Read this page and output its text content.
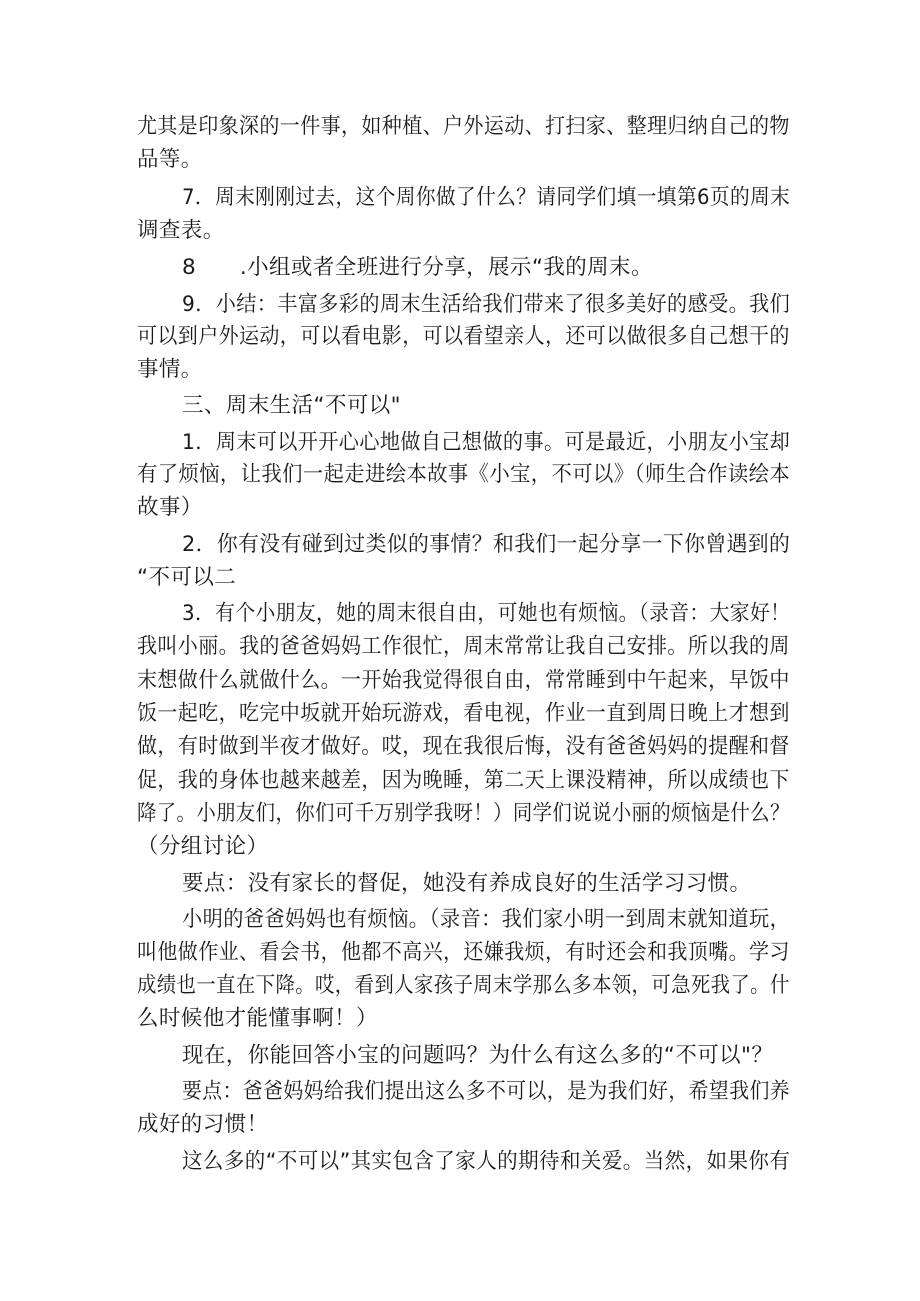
尤其是印象深的一件事，如种植、户外运动、打扫家、整理归纳自己的物
品等。
7．周末刚刚过去，这个周你做了什么？请同学们填一填第6页的周末
调查表。
8　　.小组或者全班进行分享，展示“我的周末。
9．小结：丰富多彩的周末生活给我们带来了很多美好的感受。我们
可以到户外运动，可以看电影，可以看望亲人，还可以做很多自己想干的
事情。
三、周末生活“不可以"
1．周末可以开开心心地做自己想做的事。可是最近，小朋友小宝却
有了烦恼，让我们一起走进绘本故事《小宝，不可以》（师生合作读绘本
故事）
2．你有没有碰到过类似的事情？和我们一起分享一下你曾遇到的
“不可以二
3．有个小朋友，她的周末很自由，可她也有烦恼。（录音：大家好！
我叫小丽。我的爸爸妈妈工作很忙，周末常常让我自己安排。所以我的周
末想做什么就做什么。一开始我觉得很自由，常常睡到中午起来，早饭中
饭一起吃，吃完中坂就开始玩游戏，看电视，作业一直到周日晚上才想到
做，有时做到半夜才做好。哎，现在我很后悔，没有爸爸妈妈的提醒和督
促，我的身体也越来越差，因为晚睡，第二天上课没精神，所以成绩也下
降了。小朋友们，你们可千万别学我呀！）同学们说说小丽的烦恼是什么？
（分组讨论）
要点：没有家长的督促，她没有养成良好的生活学习习惯。
小明的爸爸妈妈也有烦恼。（录音：我们家小明一到周末就知道玩，
叫他做作业、看会书，他都不高兴，还嫌我烦，有时还会和我顶嘴。学习
成绩也一直在下降。哎，看到人家孩子周末学那么多本领，可急死我了。什
么时候他才能懂事啊！）
现在，你能回答小宝的问题吗？为什么有这么多的“不可以"？
要点：爸爸妈妈给我们提出这么多不可以，是为我们好，希望我们养
成好的习惯！
这么多的“不可以”其实包含了家人的期待和关爱。当然，如果你有
